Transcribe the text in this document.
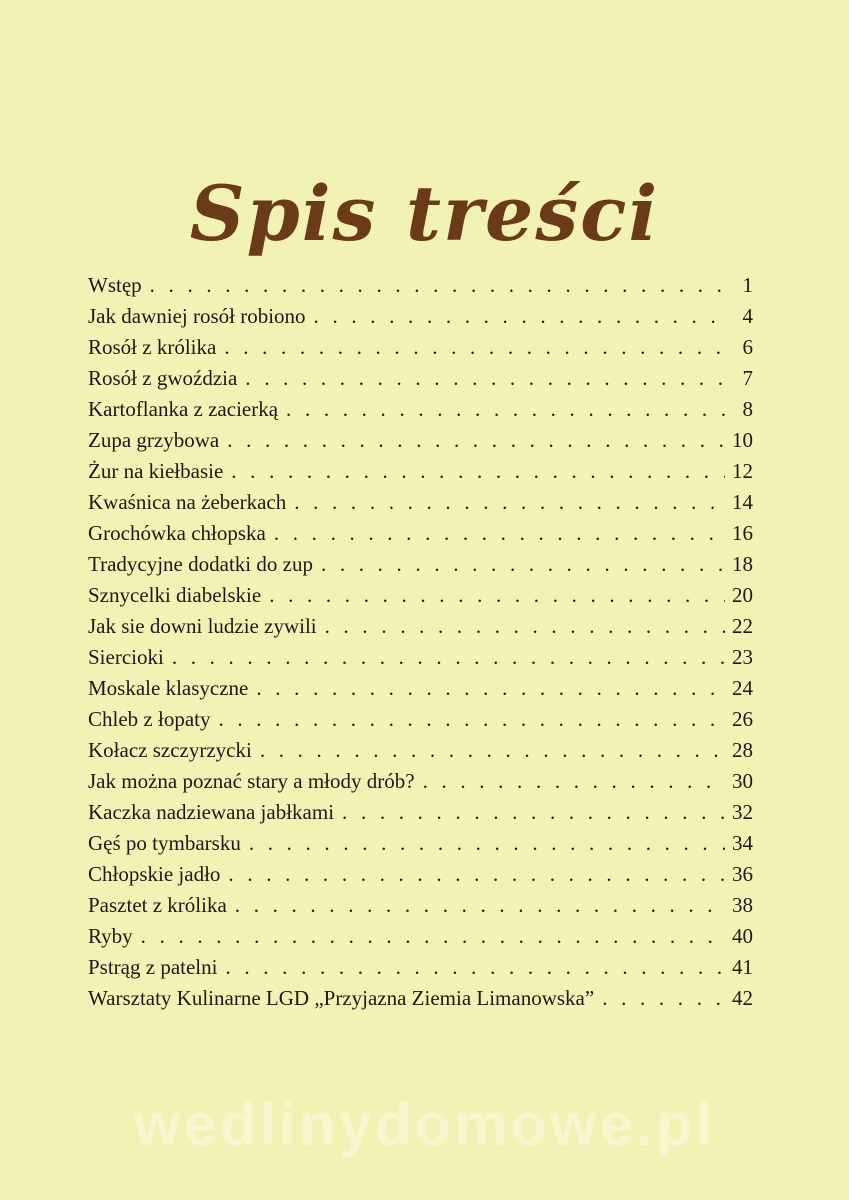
Spis treści
Wstęp . . .	1
Jak dawniej rosół robiono . . .	4
Rosół z królika . . .	6
Rosół z gwoździa . . .	7
Kartoflanka z zacierką . . .	8
Zupa grzybowa . . .	10
Żur na kiełbasie . . .	12
Kwaśnica na żeberkach . . .	14
Grochówka chłopska . . .	16
Tradycyjne dodatki do zup . . .	18
Sznycelki diabelskie . . .	20
Jak sie downi ludzie zywili . . .	22
Siercioki . . .	23
Moskale klasyczne . . .	24
Chleb z łopaty . . .	26
Kołacz szczyrzycki . . .	28
Jak można poznać stary a młody drób? . . .	30
Kaczka nadziewana jabłkami . . .	32
Gęś po tymbarsku . . .	34
Chłopskie jadło . . .	36
Pasztet z królika . . .	38
Ryby . . .	40
Pstrąg z patelni . . .	41
Warsztaty Kulinarne LGD „Przyjazna Ziemia Limanowska” . . .	42
wedlinydomowe.pl
